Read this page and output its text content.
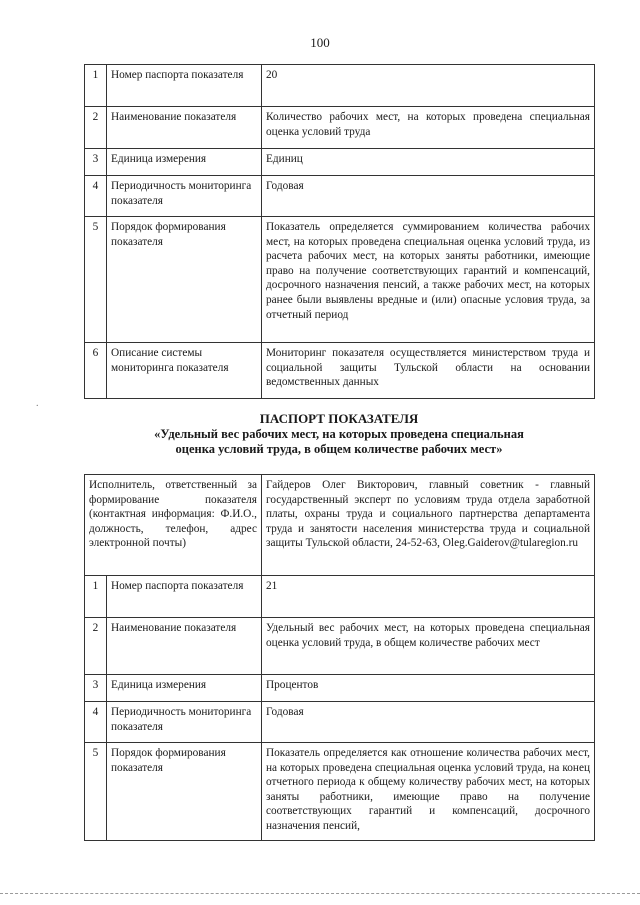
100
1	Номер паспорта показателя	20
2	Наименование показателя	Количество рабочих мест, на которых проведена специальная оценка условий труда
3	Единица измерения	Единиц
4	Периодичность мониторинга показателя	Годовая
5	Порядок формирования показателя	Показатель определяется суммированием количества рабочих мест, на которых проведена специальная оценка условий труда, из расчета рабочих мест, на которых заняты работники, имеющие право на получение соответствующих гарантий и компенсаций, досрочного назначения пенсий, а также рабочих мест, на которых ранее были выявлены вредные и (или) опасные условия труда, за отчетный период
6	Описание системы мониторинга показателя	Мониторинг показателя осуществляется министерством труда и социальной защиты Тульской области на основании ведомственных данных
.
ПАСПОРТ ПОКАЗАТЕЛЯ
«Удельный вес рабочих мест, на которых проведена специальная
оценка условий труда, в общем количестве рабочих мест»
Исполнитель, ответственный за формирование показателя (контактная информация: Ф.И.О., должность, телефон, адрес электронной почты)		Гайдеров Олег Викторович, главный советник - главный государственный эксперт по условиям труда отдела заработной платы, охраны труда и социального партнерства департамента труда и занятости населения министерства труда и социальной защиты Тульской области, 24-52-63, Oleg.Gaiderov@tularegion.ru
1	Номер паспорта показателя	21
2	Наименование показателя	Удельный вес рабочих мест, на которых проведена специальная оценка условий труда, в общем количестве рабочих мест
3	Единица измерения	Процентов
4	Периодичность мониторинга показателя	Годовая
5	Порядок формирования показателя	Показатель определяется как отношение количества рабочих мест, на которых проведена специальная оценка условий труда, на конец отчетного периода к общему количеству рабочих мест, на которых заняты работники, имеющие право на получение соответствующих гарантий и компенсаций, досрочного назначения пенсий,
